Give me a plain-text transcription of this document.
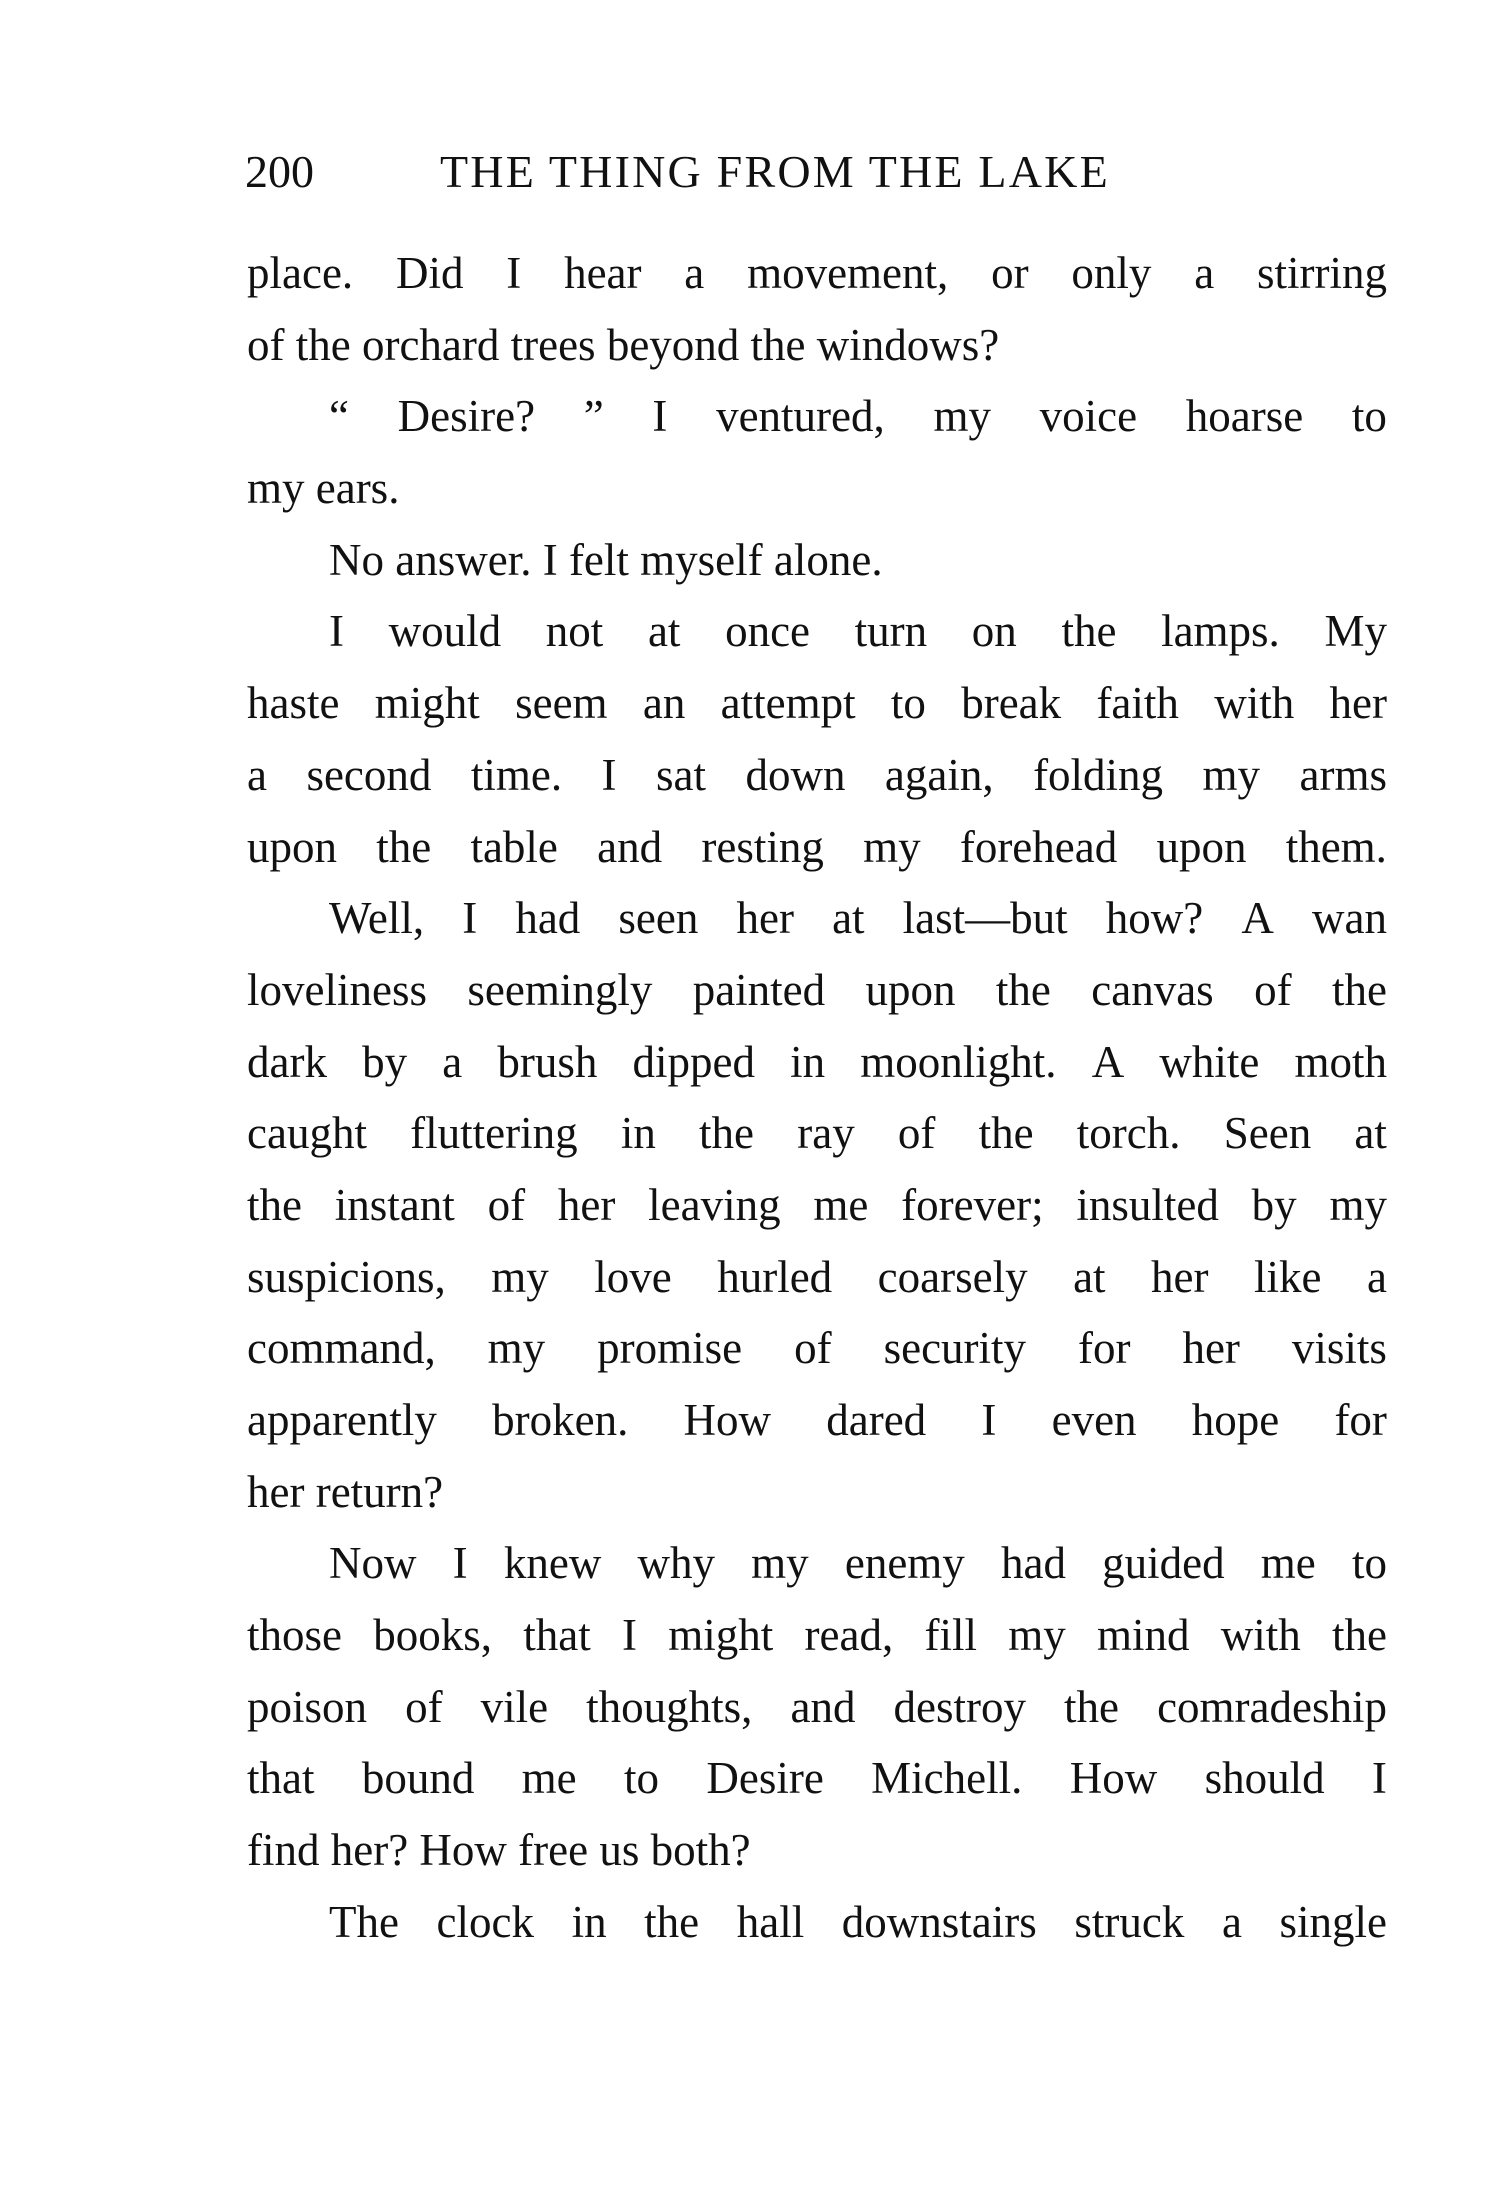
200	THE THING FROM THE LAKE
place. Did I hear a movement, or only a stirring
of the orchard trees beyond the windows?
“ Desire? ” I ventured, my voice hoarse to
my ears.
No answer. I felt myself alone.
I would not at once turn on the lamps. My
haste might seem an attempt to break faith with her
a second time. I sat down again, folding my arms
upon the table and resting my forehead upon them.
Well, I had seen her at last—but how? A wan
loveliness seemingly painted upon the canvas of the
dark by a brush dipped in moonlight. A white moth
caught fluttering in the ray of the torch. Seen at
the instant of her leaving me forever; insulted by my
suspicions, my love hurled coarsely at her like a
command, my promise of security for her visits
apparently broken. How dared I even hope for
her return?
Now I knew why my enemy had guided me to
those books, that I might read, fill my mind with the
poison of vile thoughts, and destroy the comradeship
that bound me to Desire Michell. How should I
find her? How free us both?
The clock in the hall downstairs struck a single
